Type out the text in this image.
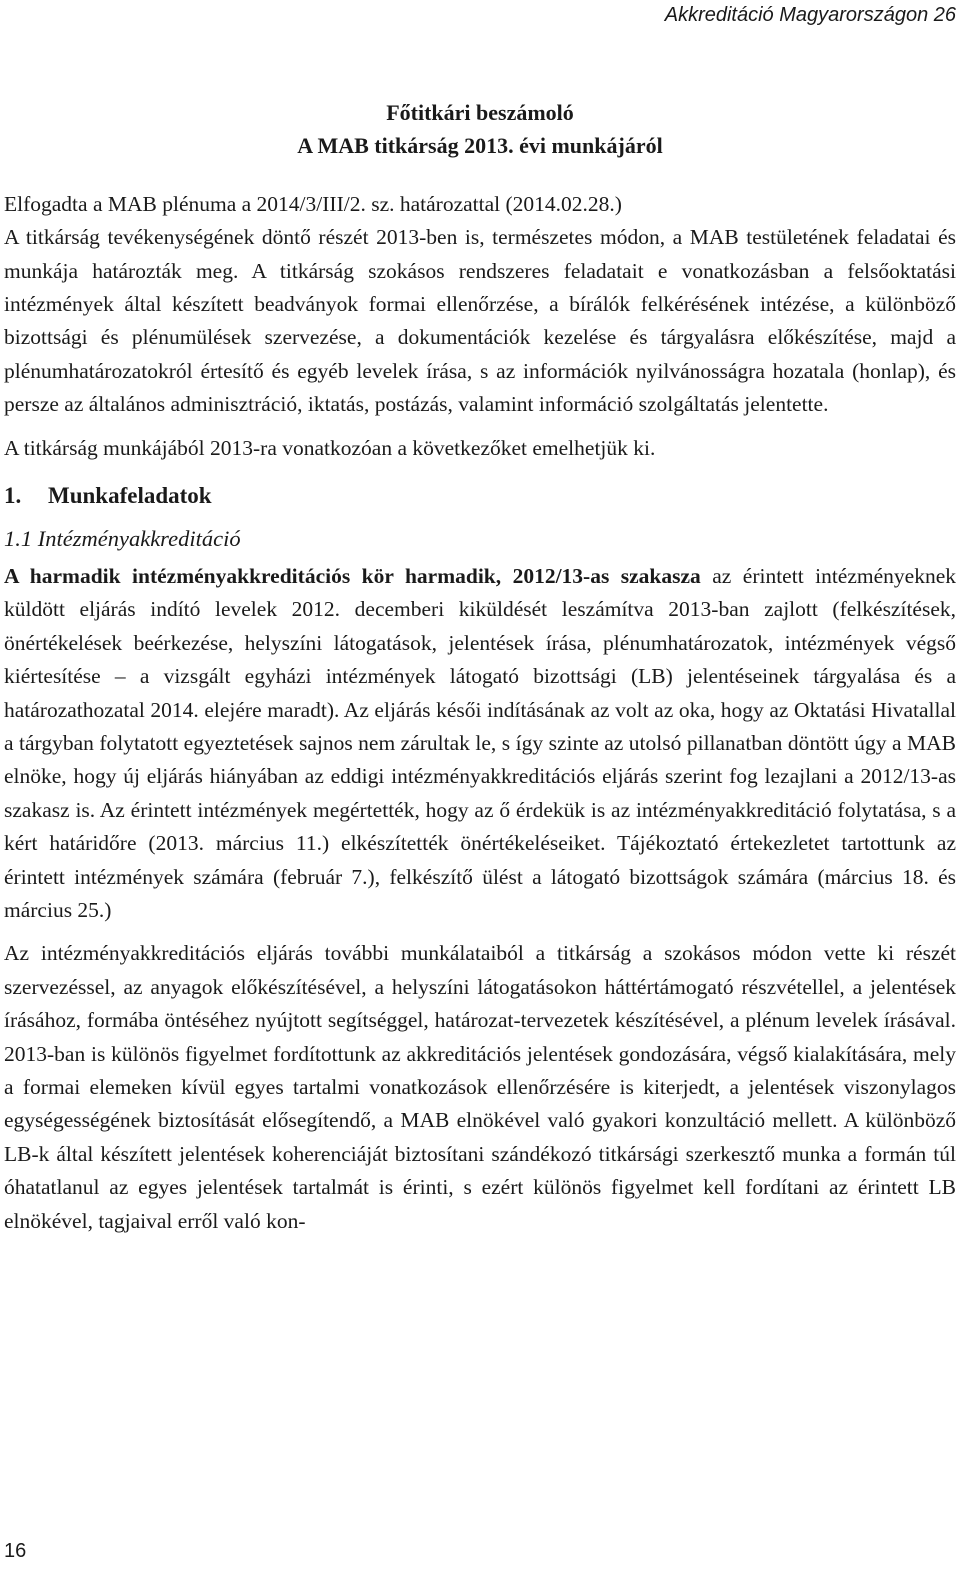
Akkreditáció Magyarországon 26
Főtitkári beszámoló
A MAB titkárság 2013. évi munkájáról

Elfogadta a MAB plénuma a 2014/3/III/2. sz. határozattal (2014.02.28.)

A titkárság tevékenységének döntő részét 2013-ben is, természetes módon, a MAB testületének feladatai és munkája határozták meg. A titkárság szokásos rendszeres feladatait e vonatkozásban a felsőoktatási intézmények által készített beadványok formai ellenőrzése, a bírálók felkérésének intézése, a különböző bizottsági és plénumülések szervezése, a dokumentációk kezelése és tárgyalásra előkészítése, majd a plénumhatározatokról értesítő és egyéb levelek írása, s az információk nyilvánosságra hozatala (honlap), és persze az általános adminisztráció, iktatás, postázás, valamint információ szolgáltatás jelentette.

A titkárság munkájából 2013-ra vonatkozóan a következőket emelhetjük ki.

1. Munkafeladatok
1.1 Intézményakkreditáció

A harmadik intézményakkreditációs kör harmadik, 2012/13-as szakasza az érintett intézményeknek küldött eljárás indító levelek 2012. decemberi kiküldését leszámítva 2013-ban zajlott (felkészítések, önértékelések beérkezése, helyszíni látogatások, jelentések írása, plénumhatározatok, intézmények végső kiértesítése – a vizsgált egyházi intézmények látogató bizottsági (LB) jelentéseinek tárgyalása és a határozathozatal 2014. elejére maradt). Az eljárás késői indításának az volt az oka, hogy az Oktatási Hivatallal a tárgyban folytatott egyeztetések sajnos nem zárultak le, s így szinte az utolsó pillanatban döntött úgy a MAB elnöke, hogy új eljárás hiányában az eddigi intézményakkreditációs eljárás szerint fog lezajlani a 2012/13-as szakasz is. Az érintett intézmények megértették, hogy az ő érdekük is az intézményakkreditáció folytatása, s a kért határidőre (2013. március 11.) elkészítették önértékeléseiket. Tájékoztató értekezletet tartottunk az érintett intézmények számára (február 7.), felkészítő ülést a látogató bizottságok számára (március 18. és március 25.)

Az intézményakkreditációs eljárás további munkálataiból a titkárság a szokásos módon vette ki részét szervezéssel, az anyagok előkészítésével, a helyszíni látogatásokon háttértámogató részvétellel, a jelentések írásához, formába öntéséhez nyújtott segítséggel, határozat-tervezetek készítésével, a plénum levelek írásával. 2013-ban is különös figyelmet fordítottunk az akkreditációs jelentések gondozására, végső kialakítására, mely a formai elemeken kívül egyes tartalmi vonatkozások ellenőrzésére is kiterjedt, a jelentések viszonylagos egységességének biztosítását elősegítendő, a MAB elnökével való gyakori konzultáció mellett. A különböző LB-k által készített jelentések koherenciáját biztosítani szándékozó titkársági szerkesztő munka a formán túl óhatatlanul az egyes jelentések tartalmát is érinti, s ezért különös figyelmet kell fordítani az érintett LB elnökével, tagjaival erről való kon-

16
